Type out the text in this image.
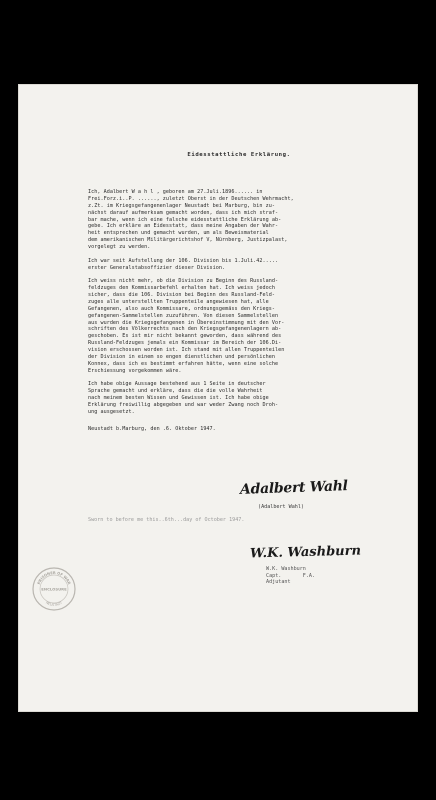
Eidesstattliche Erklärung.
Ich, Adalbert W a h l , geboren am 27.Juli.1896...... in
Frei.Forz.i..P. ......, zuletzt Oberst in der Deutschen Wehrmacht,
z.Zt. im Kriegsgefangenenlager Neustadt bei Marburg, bin zu-
nächst darauf aufmerksam gemacht worden, dass ich mich straf-
bar mache, wenn ich eine falsche eidesstattliche Erklärung ab-
gebe. Ich erkläre an Eidesstatt, dass meine Angaben der Wahr-
heit entsprechen und gemacht wurden, um als Beweismaterial
dem amerikanischen Militärgerichtshof V, Nürnberg, Justizpalast,
vorgelegt zu werden.
Ich war seit Aufstellung der 106. Division bis 1.Juli.42.....
erster Generalstabsoffizier dieser Division.
Ich weiss nicht mehr, ob die Division zu Beginn des Russland-
feldzuges den Kommissarbefehl erhalten hat. Ich weiss jedoch
sicher, dass die 106. Division bei Beginn des Russland-Feld-
zuges alle unterstellten Truppenteile angewiesen hat, alle
Gefangenen, also auch Kommissare, ordnungsgemäss den Kriegs-
gefangenen-Sammelstellen zuzuführen. Von diesen Sammelstellen
aus wurden die Kriegsgefangenen in Übereinstimmung mit den Vor-
schriften des Völkerrechts nach den Kriegsgefangenenlagern ab-
geschoben. Es ist mir nicht bekannt geworden, dass während des
Russland-Feldzuges jemals ein Kommissar im Bereich der 106.Di-
vision erschossen worden ist. Ich stand mit allen Truppenteilen
der Division in einem so engen dienstlichen und persönlichen
Konnex, dass ich es bestimmt erfahren hätte, wenn eine solche
Erschiessung vorgekommen wäre.
Ich habe obige Aussage bestehend aus 1 Seite in deutscher
Sprache gemacht und erkläre, dass die die volle Wahrheit
nach meinem besten Wissen und Gewissen ist. Ich habe obige
Erklärung freiwillig abgegeben und war weder Zwang noch Droh-
ung ausgesetzt.
Neustadt b.Marburg, den .6. Oktober 1947.
Adalbert Wahl
(Adalbert Wahl)
Sworn to before me this..6th...day of October 1947.
W.K. Washburn
W.K. Washburn
Capt.       F.A.
Adjutant
PRISONER OF WAR
ENCLOSURE
NEUSTADT
